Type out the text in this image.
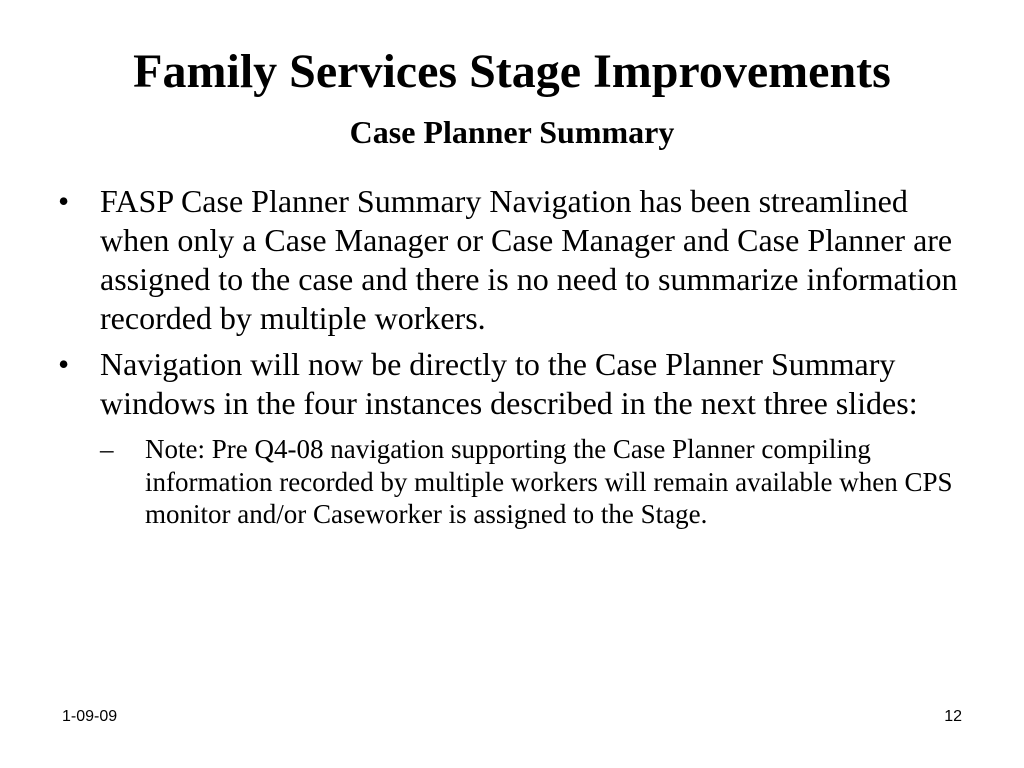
Family Services Stage Improvements
Case Planner Summary
• FASP Case Planner Summary Navigation has been streamlined when only a Case Manager or Case Manager and Case Planner are assigned to the case and there is no need to summarize information recorded by multiple workers.
• Navigation will now be directly to the Case Planner Summary windows in the four instances described in the next three slides:
– Note: Pre Q4-08 navigation supporting the Case Planner compiling information recorded by multiple workers will remain available when CPS monitor and/or Caseworker is assigned to the Stage.
1-09-09	12
